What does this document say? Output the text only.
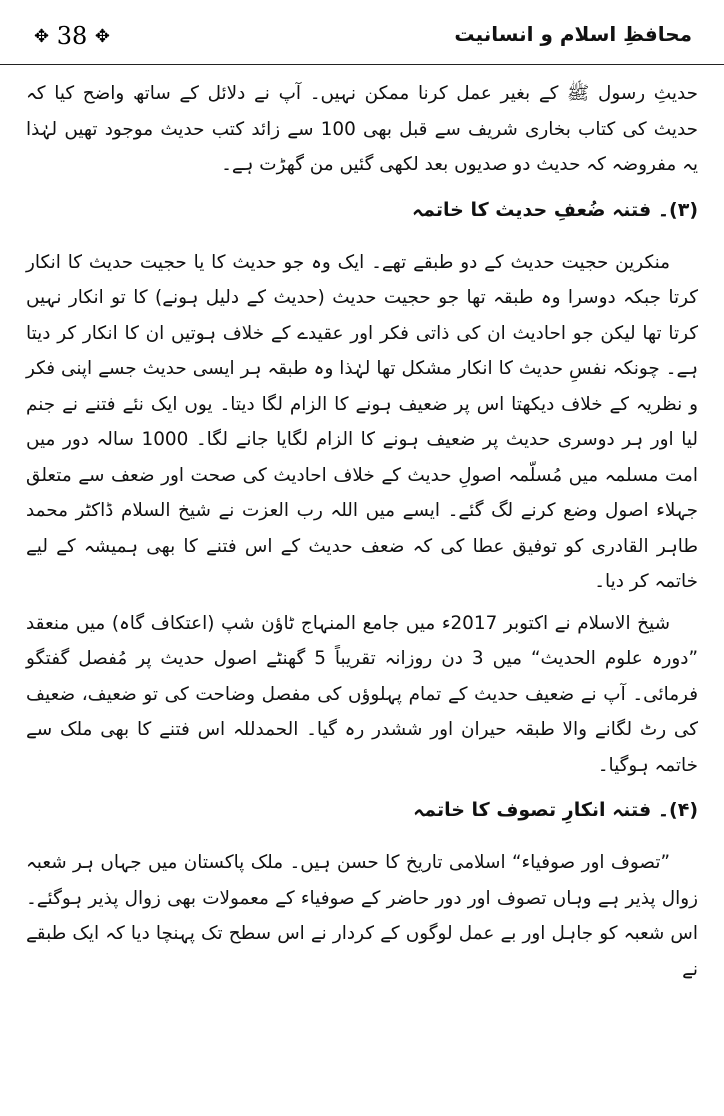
✥ 38 ✥	محافظِ اسلام و انسانیت

حدیثِ رسول ﷺ کے بغیر عمل کرنا ممکن نہیں۔ آپ نے دلائل کے ساتھ واضح کیا کہ حدیث کی کتاب بخاری شریف سے قبل بھی 100 سے زائد کتب حدیث موجود تھیں لہٰذا یہ مفروضہ کہ حدیث دو صدیوں بعد لکھی گئیں من گھڑت ہے۔

(۳)۔ فتنہ ضُعفِ حدیث کا خاتمہ

منکرین حجیت حدیث کے دو طبقے تھے۔ ایک وہ جو حدیث کا یا حجیت حدیث کا انکار کرتا جبکہ دوسرا وہ طبقہ تھا جو حجیت حدیث (حدیث کے دلیل ہونے) کا تو انکار نہیں کرتا تھا لیکن جو احادیث ان کی ذاتی فکر اور عقیدے کے خلاف ہوتیں ان کا انکار کر دیتا ہے۔ چونکہ نفسِ حدیث کا انکار مشکل تھا لہٰذا وہ طبقہ ہر ایسی حدیث جسے اپنی فکر و نظریہ کے خلاف دیکھتا اس پر ضعیف ہونے کا الزام لگا دیتا۔ یوں ایک نئے فتنے نے جنم لیا اور ہر دوسری حدیث پر ضعیف ہونے کا الزام لگایا جانے لگا۔ 1000 سالہ دور میں امت مسلمہ میں مُسلّمہ اصولِ حدیث کے خلاف احادیث کی صحت اور ضعف سے متعلق جہلاء اصول وضع کرنے لگ گئے۔ ایسے میں اللہ رب العزت نے شیخ السلام ڈاکٹر محمد طاہر القادری کو توفیق عطا کی کہ ضعف حدیث کے اس فتنے کا بھی ہمیشہ کے لیے خاتمہ کر دیا۔

شیخ الاسلام نے اکتوبر 2017ء میں جامع المنہاج ٹاؤن شپ (اعتکاف گاہ) میں منعقد ”دورہ علوم الحدیث“ میں 3 دن روزانہ تقریباً 5 گھنٹے اصول حدیث پر مُفصل گفتگو فرمائی۔ آپ نے ضعیف حدیث کے تمام پہلوؤں کی مفصل وضاحت کی تو ضعیف، ضعیف کی رٹ لگانے والا طبقہ حیران اور ششدر رہ گیا۔ الحمدللہ اس فتنے کا بھی ملک سے خاتمہ ہوگیا۔

(۴)۔ فتنہ انکارِ تصوف کا خاتمہ

”تصوف اور صوفیاء“ اسلامی تاریخ کا حسن ہیں۔ ملک پاکستان میں جہاں ہر شعبہ زوال پذیر ہے وہاں تصوف اور دور حاضر کے صوفیاء کے معمولات بھی زوال پذیر ہوگئے۔ اس شعبہ کو جاہل اور بے عمل لوگوں کے کردار نے اس سطح تک پہنچا دیا کہ ایک طبقے نے
